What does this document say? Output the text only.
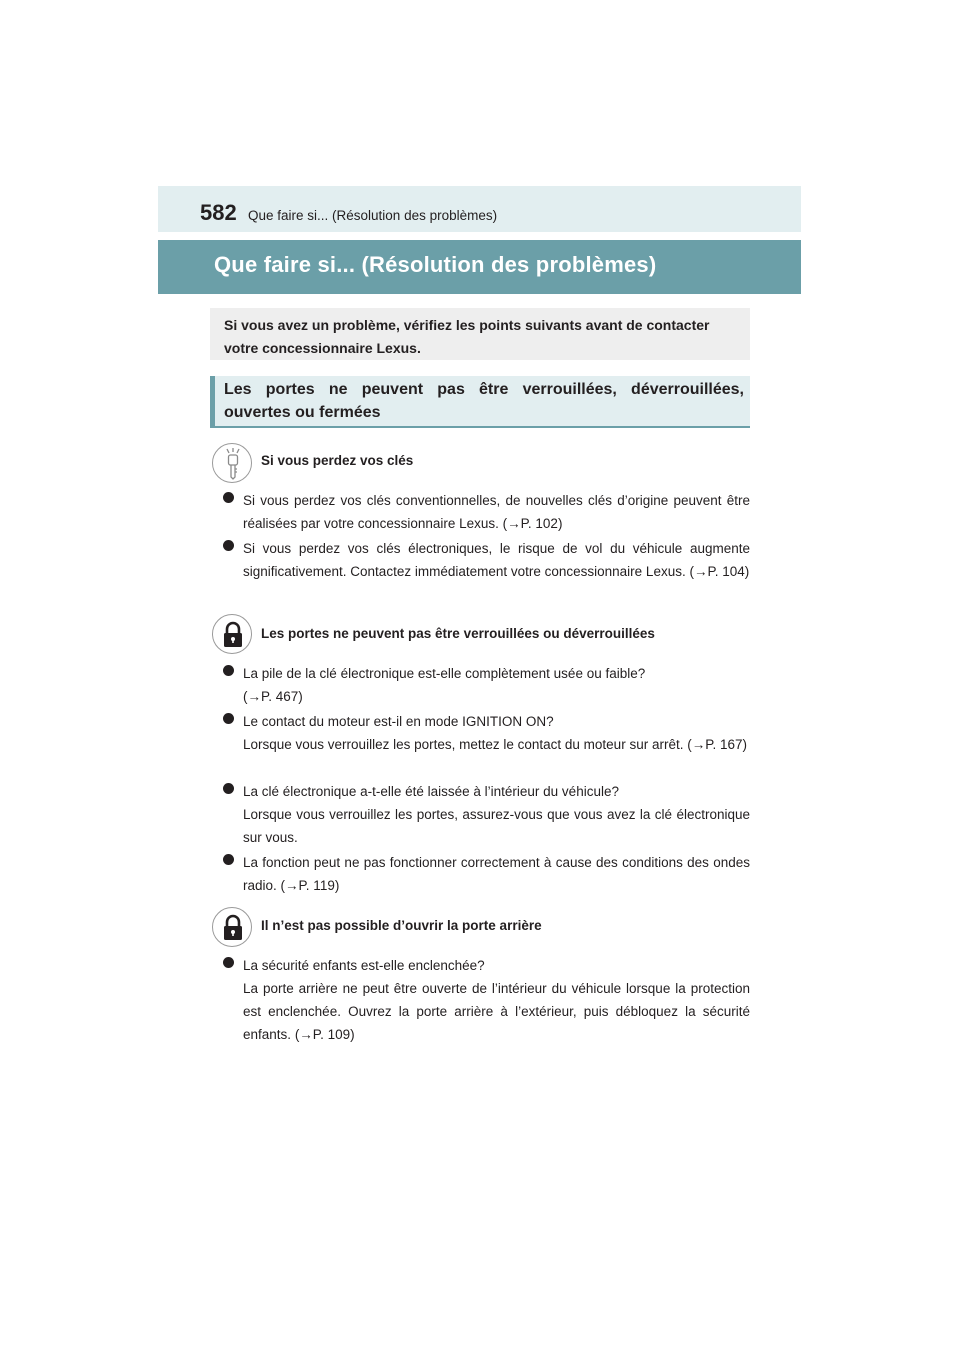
582 Que faire si... (Résolution des problèmes)
Que faire si... (Résolution des problèmes)

Si vous avez un problème, vérifiez les points suivants avant de contacter votre concessionnaire Lexus.

Les portes ne peuvent pas être verrouillées, déverrouillées, ouvertes ou fermées
Si vous perdez vos clés
Si vous perdez vos clés conventionnelles, de nouvelles clés d’origine peuvent être réalisées par votre concessionnaire Lexus. (→P. 102)
Si vous perdez vos clés électroniques, le risque de vol du véhicule augmente significativement. Contactez immédiatement votre concessionnaire Lexus. (→P. 104)
Les portes ne peuvent pas être verrouillées ou déverrouillées
La pile de la clé électronique est-elle complètement usée ou faible?
(→P. 467)
Le contact du moteur est-il en mode IGNITION ON?
Lorsque vous verrouillez les portes, mettez le contact du moteur sur arrêt. (→P. 167)
La clé électronique a-t-elle été laissée à l’intérieur du véhicule?
Lorsque vous verrouillez les portes, assurez-vous que vous avez la clé électronique sur vous.
La fonction peut ne pas fonctionner correctement à cause des conditions des ondes radio. (→P. 119)
Il n’est pas possible d’ouvrir la porte arrière
La sécurité enfants est-elle enclenchée?
La porte arrière ne peut être ouverte de l’intérieur du véhicule lorsque la protection est enclenchée. Ouvrez la porte arrière à l’extérieur, puis débloquez la sécurité enfants. (→P. 109)
